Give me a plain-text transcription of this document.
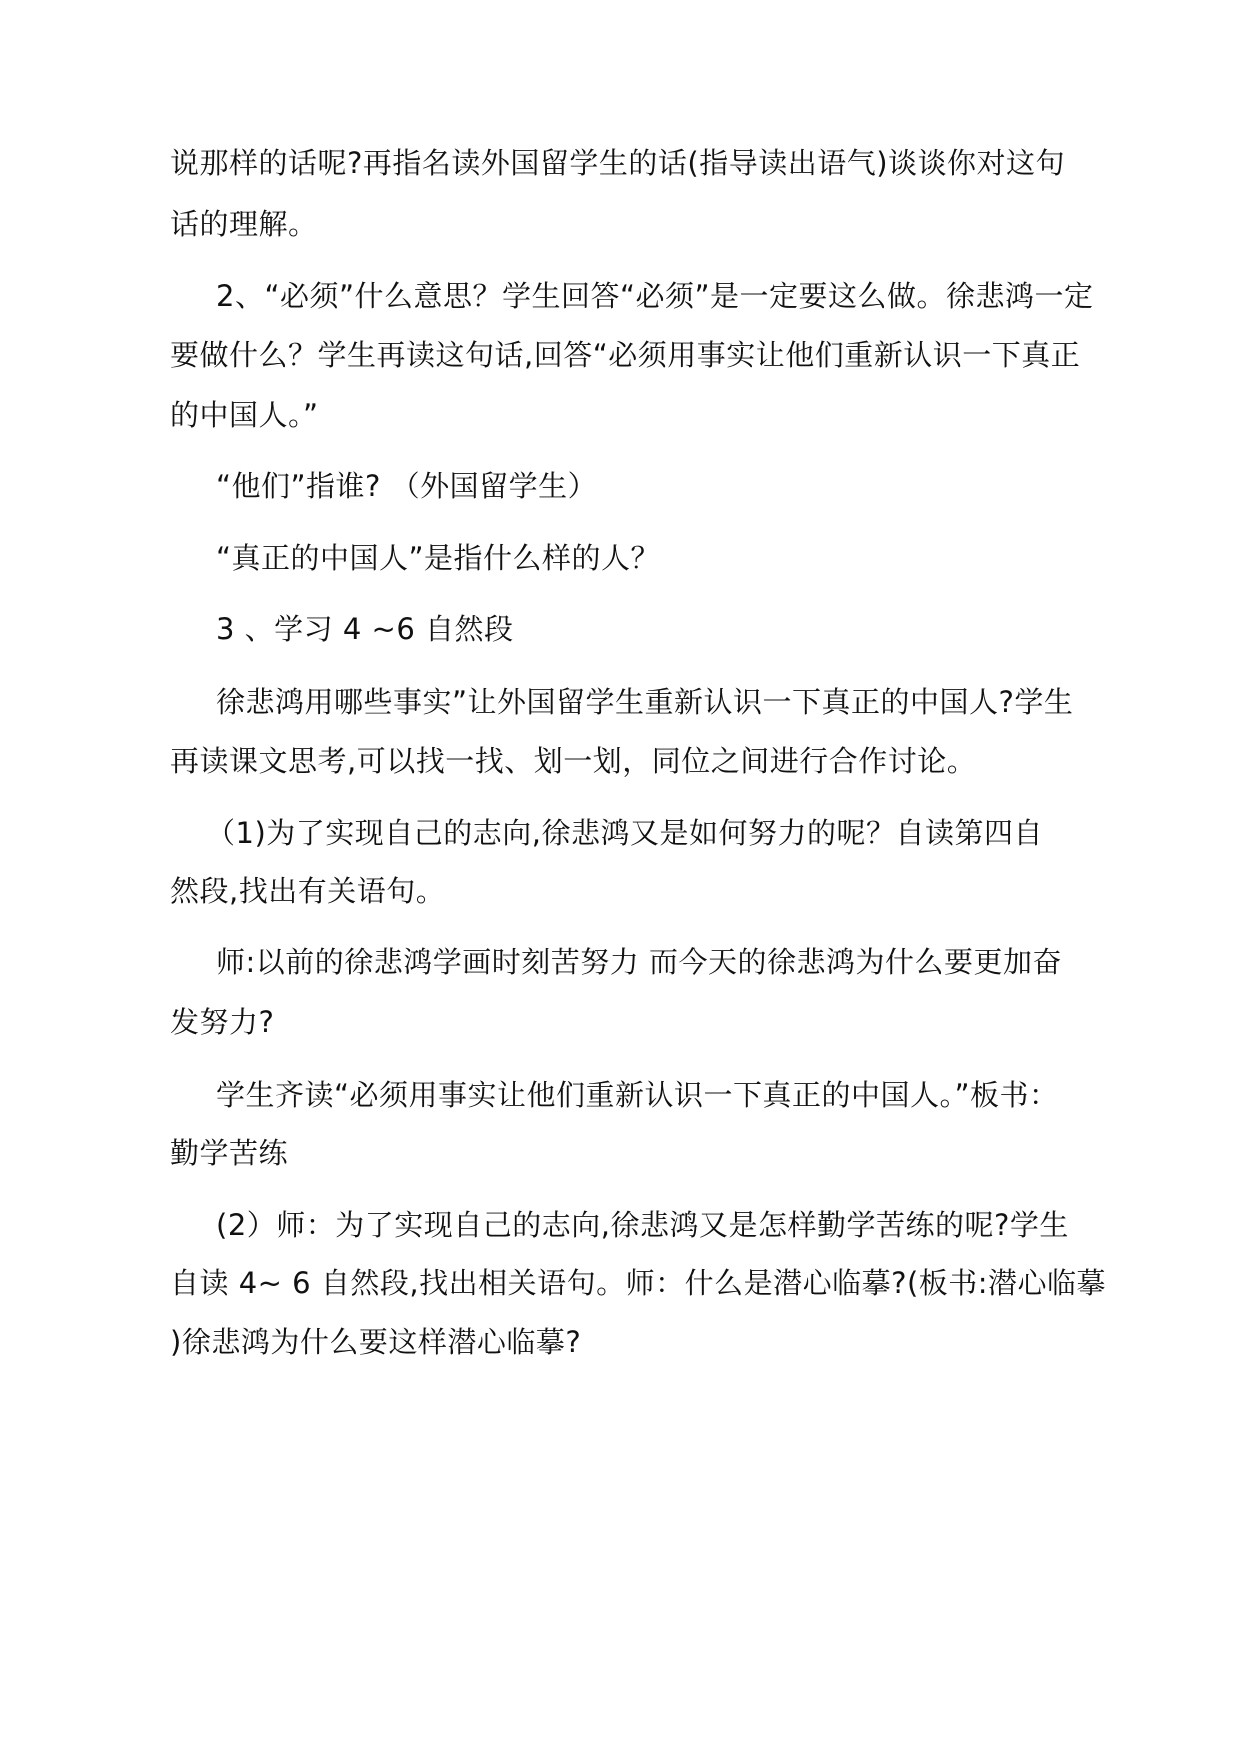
说那样的话呢?再指名读外国留学生的话(指导读出语气)谈谈你对这句
话的理解。
2、“必须”什么意思？学生回答“必须”是一定要这么做。徐悲鸿一定
要做什么？学生再读这句话,回答“必须用事实让他们重新认识一下真正
的中国人。”
“他们”指谁? （外国留学生）
“真正的中国人”是指什么样的人？
3 、学习 4 ~6 自然段
徐悲鸿用哪些事实”让外国留学生重新认识一下真正的中国人?学生
再读课文思考,可以找一找、划一划，同位之间进行合作讨论。
（1)为了实现自己的志向,徐悲鸿又是如何努力的呢？自读第四自
然段,找出有关语句。
师:以前的徐悲鸿学画时刻苦努力 而今天的徐悲鸿为什么要更加奋
发努力?
学生齐读“必须用事实让他们重新认识一下真正的中国人。”板书：
勤学苦练
(2）师：为了实现自己的志向,徐悲鸿又是怎样勤学苦练的呢?学生
自读 4~ 6 自然段,找出相关语句。师：什么是潜心临摹?(板书:潜心临摹
)徐悲鸿为什么要这样潜心临摹?
